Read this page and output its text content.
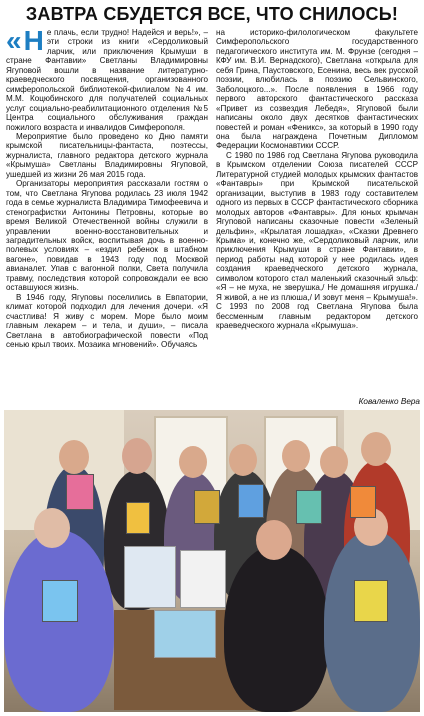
ЗАВТРА СБУДЕТСЯ ВСЕ, ЧТО СНИЛОСЬ!

« Н е плачь, если трудно! Надейся и верь!», – эти строки из книги «Сердоликовый ларчик, или приключения Крымуши в стране Фантавии» Светланы Владимировны Ягуповой вошли в название литературно-краеведческого посвящения, организованного симферопольской библиотекой-филиалом №4 им. М.М. Коцюбинского для получателей социальных услуг социально-реабилитационного отделения №5 Центра социального обслуживания граждан пожилого возраста и инвалидов Симферополя.

Мероприятие было проведено ко Дню памяти крымской писательницы-фантаста, поэтессы, журналиста, главного редактора детского журнала «Крымуша» Светланы Владимировны Ягуповой, ушедшей из жизни 26 мая 2015 года.

Организаторы мероприятия рассказали гостям о том, что Светлана Ягупова родилась 23 июля 1942 года в семье журналиста Владимира Тимофеевича и стенографистки Антонины Петровны, которые во время Великой Отечественной войны служили в управлении военно-восстановительных и заградительных войск, воспитывая дочь в военно-полевых условиях – «ездил ребенок в штабном вагоне», повидав в 1943 году под Москвой авианалет. Упав с вагонной полки, Света получила травму, последствия которой сопровождали ее всю оставшуюся жизнь.

В 1946 году, Ягуповы поселились в Евпатории, климат которой подходил для лечения дочери. «Я счастлива! Я живу с морем. Море было моим главным лекарем – и тела, и души», – писала Светлана в автобиографической повести «Под сенью крыл твоих. Мозаика мгновений». Обучаясь

на историко-филологическом факультете Симферопольского государственного педагогического института им. М. Фрунзе (сегодня – КФУ им. В.И. Вернадского), Светлана «открыла для себя Грина, Паустовского, Есенина, весь век русской поэзии, влюбилась в поэзию Сельвинского, Заболоцкого...». После появления в 1966 году первого авторского фантастического рассказа «Привет из созвездия Лебедя», Ягуповой были написаны около двух десятков фантастических повестей и роман «Феникс», за который в 1990 году она была награждена Почетным Дипломом Федерации Космонавтики СССР.

С 1980 по 1986 год Светлана Ягупова руководила в Крымском отделении Союза писателей СССР Литературной студией молодых крымских фантастов «Фантавры» при Крымской писательской организации, выступив в 1983 году составителем одного из первых в СССР фантастического сборника молодых авторов «Фантавры». Для юных крымчан Ягуповой написаны сказочные повести «Зеленый дельфин», «Крылатая лошадка», «Сказки Древнего Крыма» и, конечно же, «Сердоликовый ларчик, или приключения Крымуши в стране Фантавии», в период работы над которой у нее родилась идея создания краеведческого детского журнала, символом которого стал маленький сказочный эльф: «Я – не муха, не зверушка,/ Не домашняя игрушка./ Я живой, а не из плюша,/ И зовут меня – Крымуша!». С 1993 по 2008 год Светлана Ягупова была бессменным главным редактором детского краеведческого журнала «Крымуша».

Коваленко Вера
